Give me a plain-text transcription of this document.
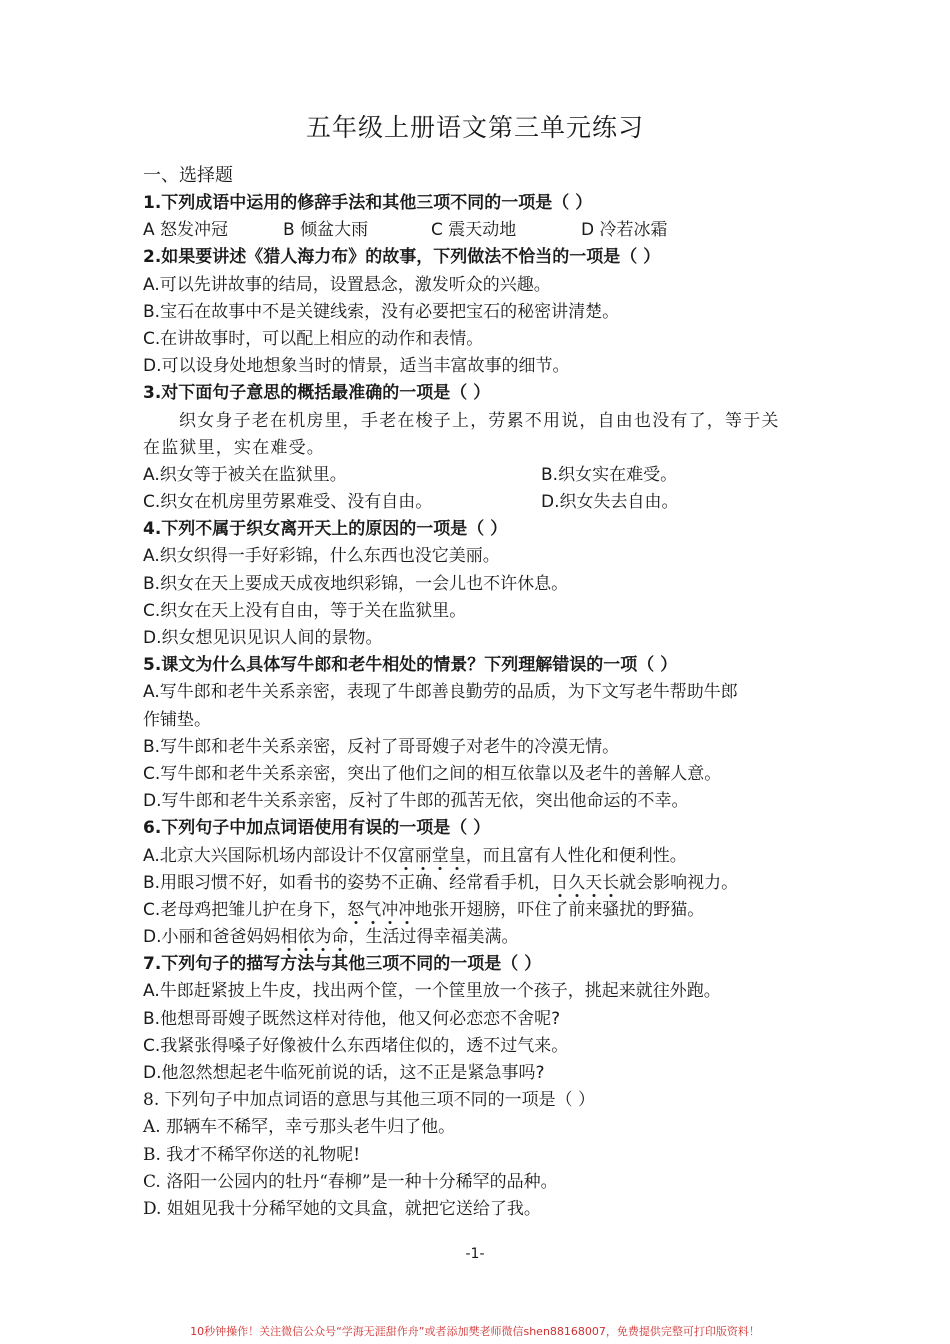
五年级上册语文第三单元练习
一、选择题
1.下列成语中运用的修辞手法和其他三项不同的一项是（ ）
A 怒发冲冠	B 倾盆大雨	C 震天动地	D 冷若冰霜
2.如果要讲述《猎人海力布》的故事，下列做法不恰当的一项是（ ）
A.可以先讲故事的结局，设置悬念，激发听众的兴趣。
B.宝石在故事中不是关键线索，没有必要把宝石的秘密讲清楚。
C.在讲故事时，可以配上相应的动作和表情。
D.可以设身处地想象当时的情景，适当丰富故事的细节。
3.对下面句子意思的概括最准确的一项是（ ）
织女身子老在机房里，手老在梭子上，劳累不用说，自由也没有了，等于关
在监狱里，实在难受。
A.织女等于被关在监狱里。	B.织女实在难受。
C.织女在机房里劳累难受、没有自由。	D.织女失去自由。
4.下列不属于织女离开天上的原因的一项是（ ）
A.织女织得一手好彩锦，什么东西也没它美丽。
B.织女在天上要成天成夜地织彩锦，一会儿也不许休息。
C.织女在天上没有自由，等于关在监狱里。
D.织女想见识见识人间的景物。
5.课文为什么具体写牛郎和老牛相处的情景？下列理解错误的一项（ ）
A.写牛郎和老牛关系亲密，表现了牛郎善良勤劳的品质，为下文写老牛帮助牛郎
作铺垫。
B.写牛郎和老牛关系亲密，反衬了哥哥嫂子对老牛的冷漠无情。
C.写牛郎和老牛关系亲密，突出了他们之间的相互依靠以及老牛的善解人意。
D.写牛郎和老牛关系亲密，反衬了牛郎的孤苦无依，突出他命运的不幸。
6.下列句子中加点词语使用有误的一项是（ ）
A.北京大兴国际机场内部设计不仅富丽堂皇，而且富有人性化和便利性。
B.用眼习惯不好，如看书的姿势不正确、经常看手机，日久天长就会影响视力。
C.老母鸡把雏儿护在身下，怒气冲冲地张开翅膀，吓住了前来骚扰的野猫。
D.小丽和爸爸妈妈相依为命，生活过得幸福美满。
7.下列句子的描写方法与其他三项不同的一项是（ ）
A.牛郎赶紧披上牛皮，找出两个筐，一个筐里放一个孩子，挑起来就往外跑。
B.他想哥哥嫂子既然这样对待他，他又何必恋恋不舍呢?
C.我紧张得嗓子好像被什么东西堵住似的，透不过气来。
D.他忽然想起老牛临死前说的话，这不正是紧急事吗?
8. 下列句子中加点词语的意思与其他三项不同的一项是（ ）
A. 那辆车不稀罕，幸亏那头老牛归了他。
B. 我才不稀罕你送的礼物呢!
C. 洛阳一公园内的牡丹“春柳”是一种十分稀罕的品种。
D. 姐姐见我十分稀罕她的文具盒，就把它送给了我。
-1-
10秒钟操作！关注微信公众号“学海无涯甜作舟”或者添加樊老师微信shen88168007，免费提供完整可打印版资料！
